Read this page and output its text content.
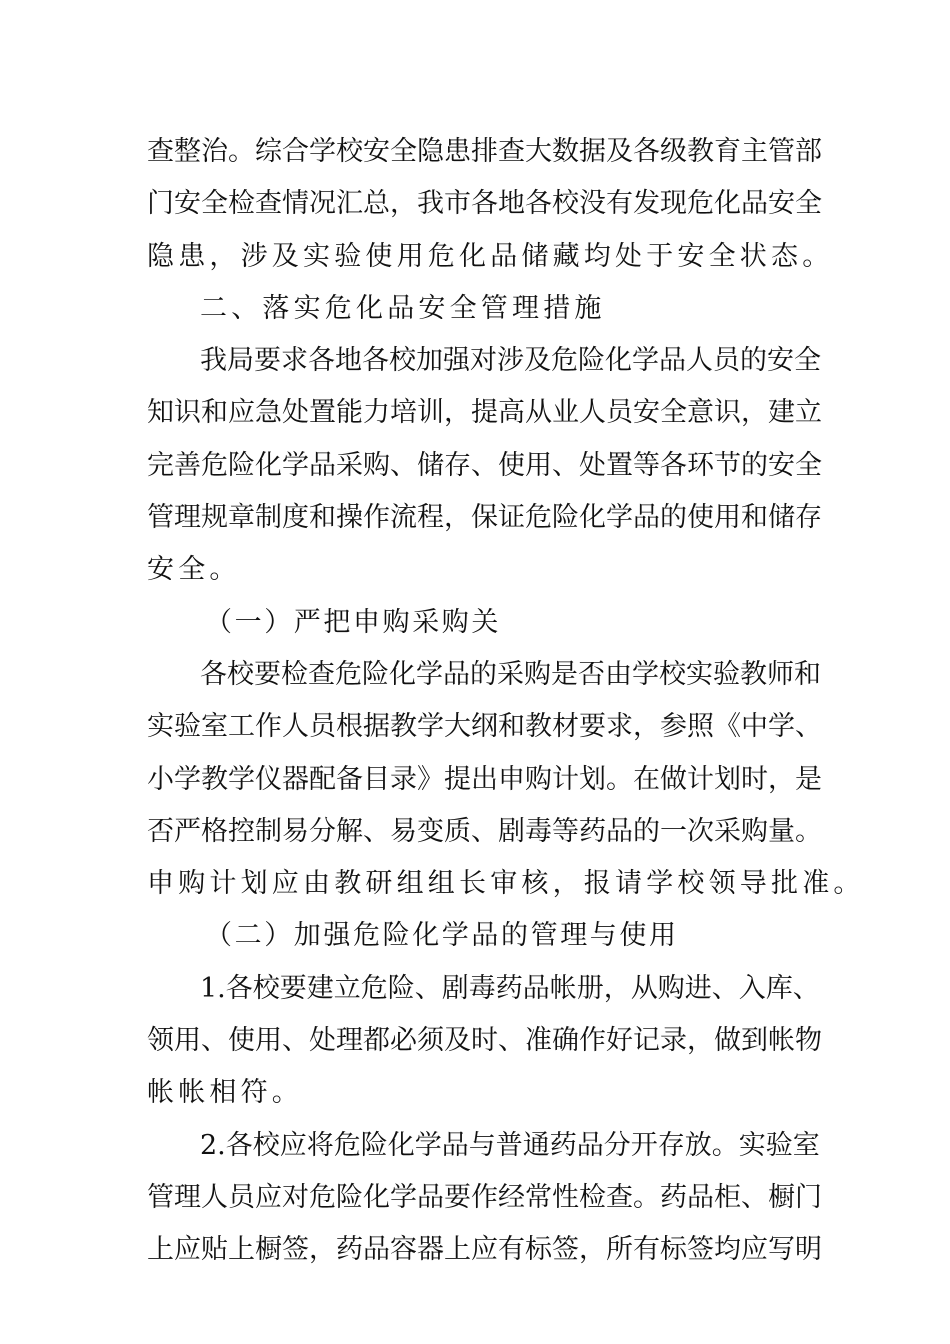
查整治。综合学校安全隐患排查大数据及各级教育主管部
门安全检查情况汇总，我市各地各校没有发现危化品安全
隐患，涉及实验使用危化品储藏均处于安全状态。
二、落实危化品安全管理措施
我局要求各地各校加强对涉及危险化学品人员的安全
知识和应急处置能力培训，提高从业人员安全意识，建立
完善危险化学品采购、储存、使用、处置等各环节的安全
管理规章制度和操作流程，保证危险化学品的使用和储存
安全。
（一）严把申购采购关
各校要检查危险化学品的采购是否由学校实验教师和
实验室工作人员根据教学大纲和教材要求，参照《中学、
小学教学仪器配备目录》提出申购计划。在做计划时，是
否严格控制易分解、易变质、剧毒等药品的一次采购量。
申购计划应由教研组组长审核，报请学校领导批准。
（二）加强危险化学品的管理与使用
1.各校要建立危险、剧毒药品帐册，从购进、入库、
领用、使用、处理都必须及时、准确作好记录，做到帐物
帐帐相符。
2.各校应将危险化学品与普通药品分开存放。实验室
管理人员应对危险化学品要作经常性检查。药品柜、橱门
上应贴上橱签，药品容器上应有标签，所有标签均应写明
